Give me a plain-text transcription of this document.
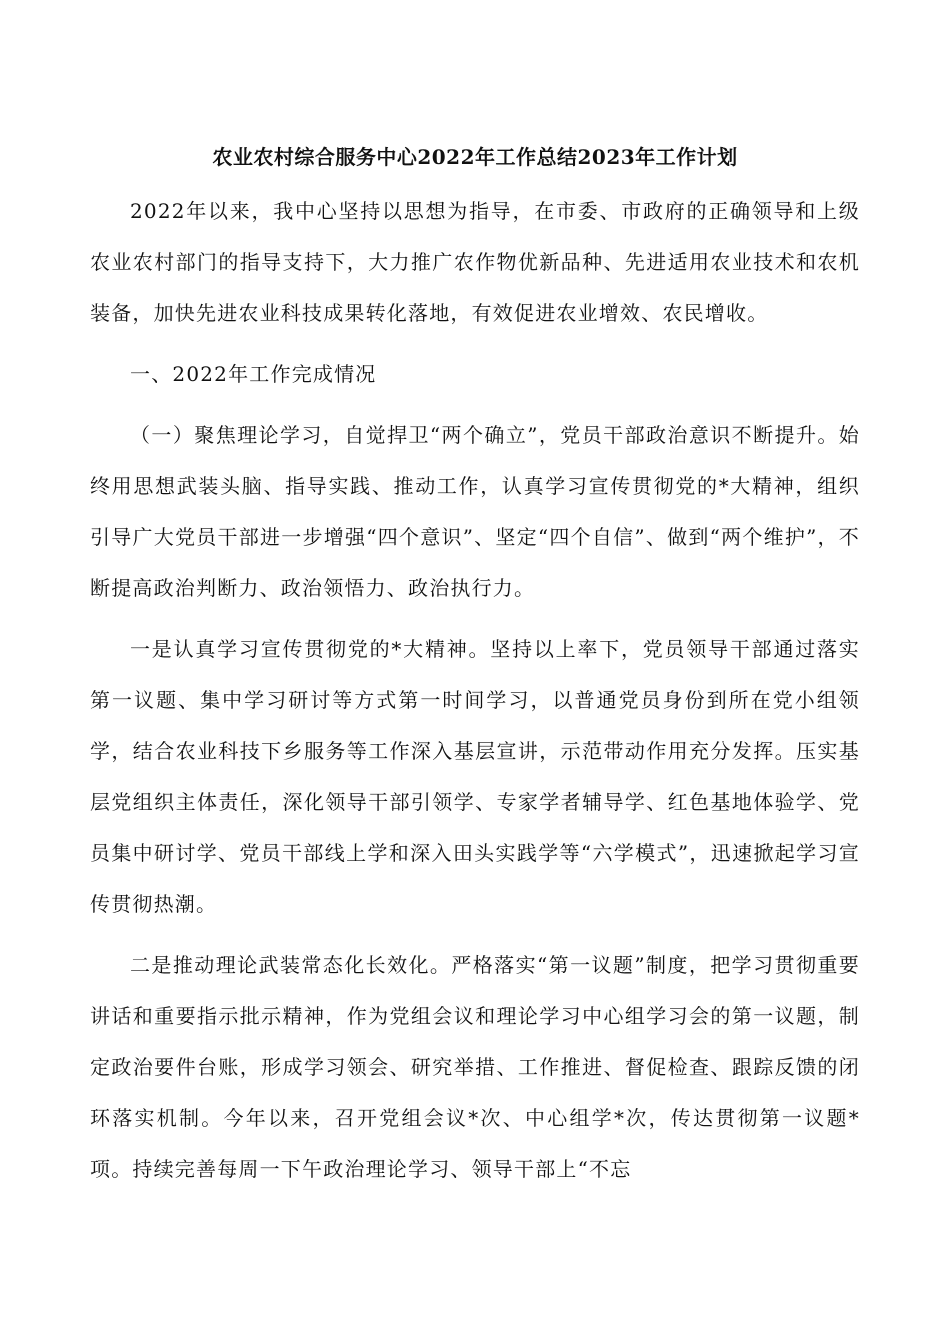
农业农村综合服务中心2022年工作总结2023年工作计划

2022年以来，我中心坚持以思想为指导，在市委、市政府的正确领导和上级农业农村部门的指导支持下，大力推广农作物优新品种、先进适用农业技术和农机装备，加快先进农业科技成果转化落地，有效促进农业增效、农民增收。

一、2022年工作完成情况

（一）聚焦理论学习，自觉捍卫“两个确立”，党员干部政治意识不断提升。始终用思想武装头脑、指导实践、推动工作，认真学习宣传贯彻党的*大精神，组织引导广大党员干部进一步增强“四个意识”、坚定“四个自信”、做到“两个维护”，不断提高政治判断力、政治领悟力、政治执行力。

一是认真学习宣传贯彻党的*大精神。坚持以上率下，党员领导干部通过落实第一议题、集中学习研讨等方式第一时间学习，以普通党员身份到所在党小组领学，结合农业科技下乡服务等工作深入基层宣讲，示范带动作用充分发挥。压实基层党组织主体责任，深化领导干部引领学、专家学者辅导学、红色基地体验学、党员集中研讨学、党员干部线上学和深入田头实践学等“六学模式”，迅速掀起学习宣传贯彻热潮。

二是推动理论武装常态化长效化。严格落实“第一议题”制度，把学习贯彻重要讲话和重要指示批示精神，作为党组会议和理论学习中心组学习会的第一议题，制定政治要件台账，形成学习领会、研究举措、工作推进、督促检查、跟踪反馈的闭环落实机制。今年以来，召开党组会议*次、中心组学*次，传达贯彻第一议题*项。持续完善每周一下午政治理论学习、领导干部上“不忘
